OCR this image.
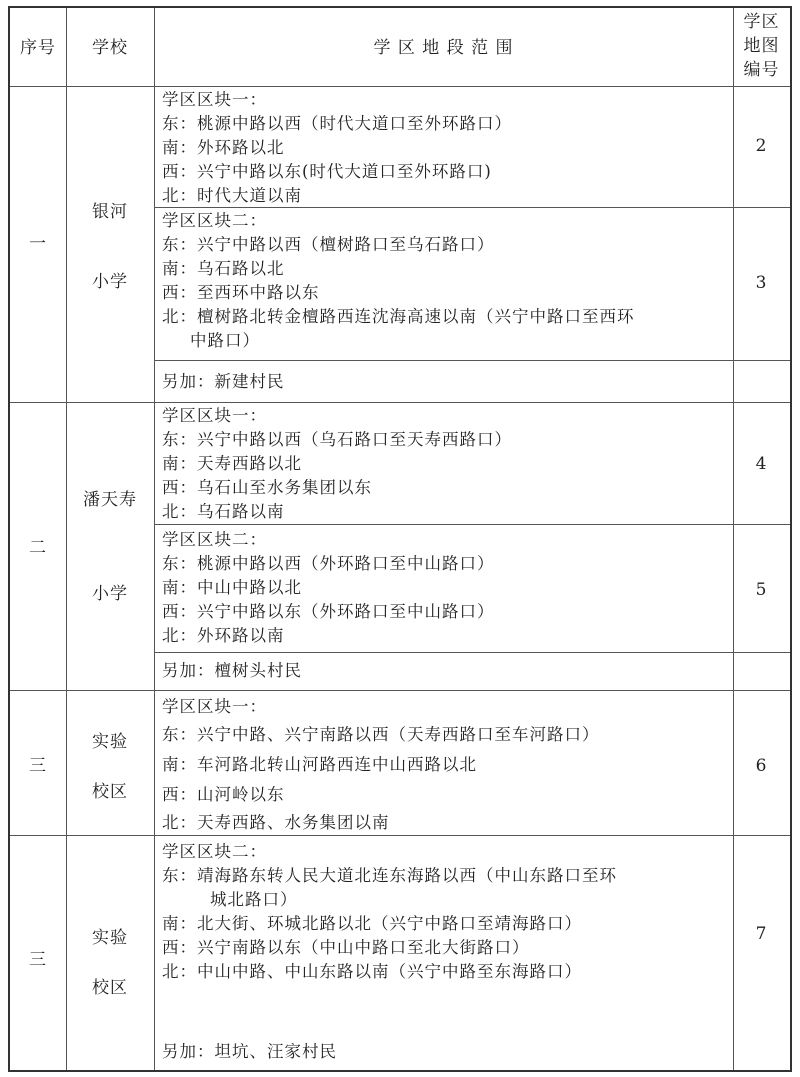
序号	学校	学 区 地 段 范 围
学区
地图
编号
一
银河
小学
学区区块一：
东：桃源中路以西（时代大道口至外环路口）
南：外环路以北
西：兴宁中路以东(时代大道口至外环路口)
北：时代大道以南
2
学区区块二：
东：兴宁中路以西（檀树路口至乌石路口）
南：乌石路以北
西：至西环中路以东
北：檀树路北转金檀路西连沈海高速以南（兴宁中路口至西环
中路口）
3
另加：新建村民
二
潘天寿
小学
学区区块一：
东：兴宁中路以西（乌石路口至天寿西路口）
南：天寿西路以北
西：乌石山至水务集团以东
北：乌石路以南
4
学区区块二：
东：桃源中路以西（外环路口至中山路口）
南：中山中路以北
西：兴宁中路以东（外环路口至中山路口）
北：外环路以南
5
另加：檀树头村民
三
实验
校区
学区区块一：
东：兴宁中路、兴宁南路以西（天寿西路口至车河路口）
南：车河路北转山河路西连中山西路以北
西：山河岭以东
北：天寿西路、水务集团以南
6
三
实验
校区
学区区块二：
东：靖海路东转人民大道北连东海路以西（中山东路口至环
城北路口）
南：北大街、环城北路以北（兴宁中路口至靖海路口）
西：兴宁南路以东（中山中路口至北大街路口）
北：中山中路、中山东路以南（兴宁中路至东海路口）
另加：坦坑、汪家村民
7
